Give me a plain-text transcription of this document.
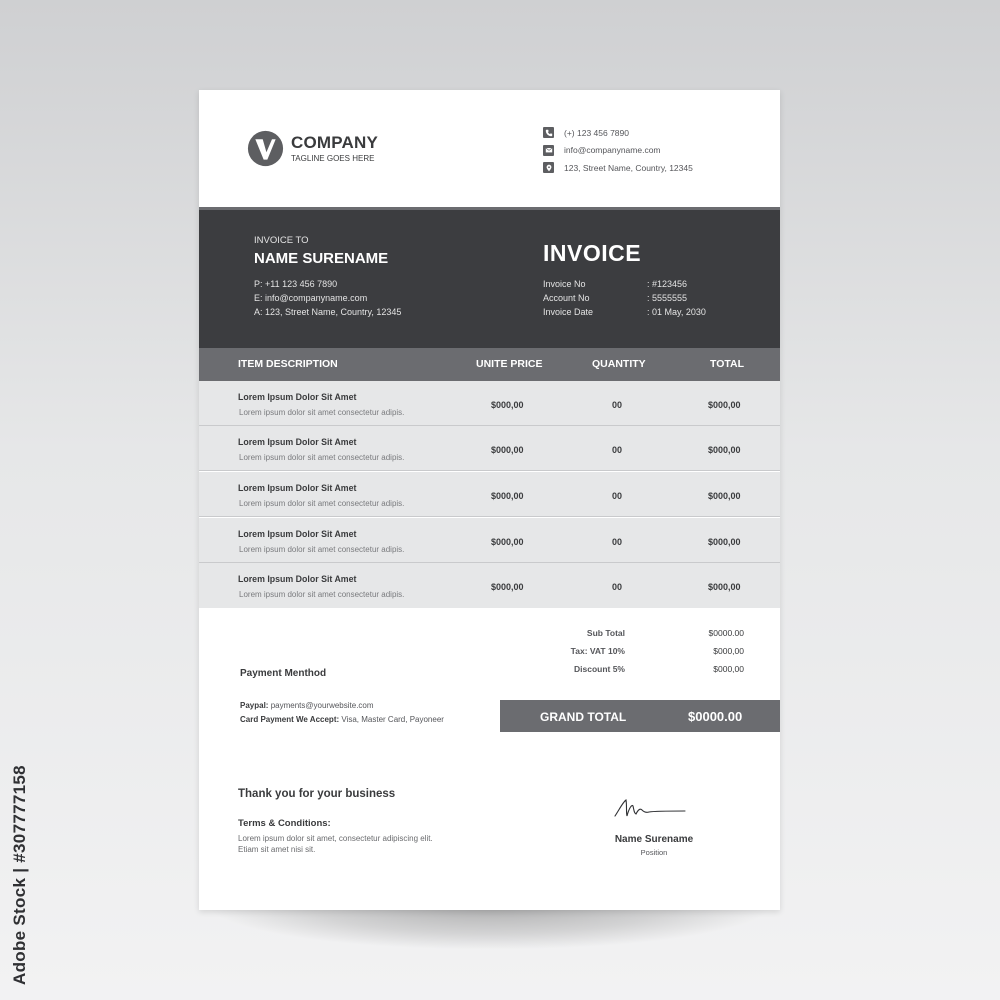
COMPANY
TAGLINE GOES HERE
(+) 123 456 7890
info@companyname.com
123, Street Name, Country, 12345
INVOICE TO
NAME SURENAME
P: +11 123 456 7890
E: info@companyname.com
A: 123, Street Name, Country, 12345
INVOICE
Invoice No	: #123456
Account No	: 5555555
Invoice Date	: 01 May, 2030
ITEM DESCRIPTION	UNITE PRICE	QUANTITY	TOTAL
Lorem Ipsum Dolor Sit Amet
Lorem ipsum dolor sit amet consectetur adipis.
$000,00	00	$000,00
Lorem Ipsum Dolor Sit Amet
Lorem ipsum dolor sit amet consectetur adipis.
$000,00	00	$000,00
Lorem Ipsum Dolor Sit Amet
Lorem ipsum dolor sit amet consectetur adipis.
$000,00	00	$000,00
Lorem Ipsum Dolor Sit Amet
Lorem ipsum dolor sit amet consectetur adipis.
$000,00	00	$000,00
Lorem Ipsum Dolor Sit Amet
Lorem ipsum dolor sit amet consectetur adipis.
$000,00	00	$000,00
Sub Total	$0000.00
Tax: VAT 10%	$000,00
Discount 5%	$000,00
GRAND TOTAL	$0000.00
Payment Menthod
Paypal: payments@yourwebsite.com
Card Payment We Accept: Visa, Master Card, Payoneer
Thank you for your business
Terms & Conditions:
Lorem ipsum dolor sit amet, consectetur adipiscing elit.
Etiam sit amet nisi sit.
Name Surename
Position
Adobe Stock | #307777158
